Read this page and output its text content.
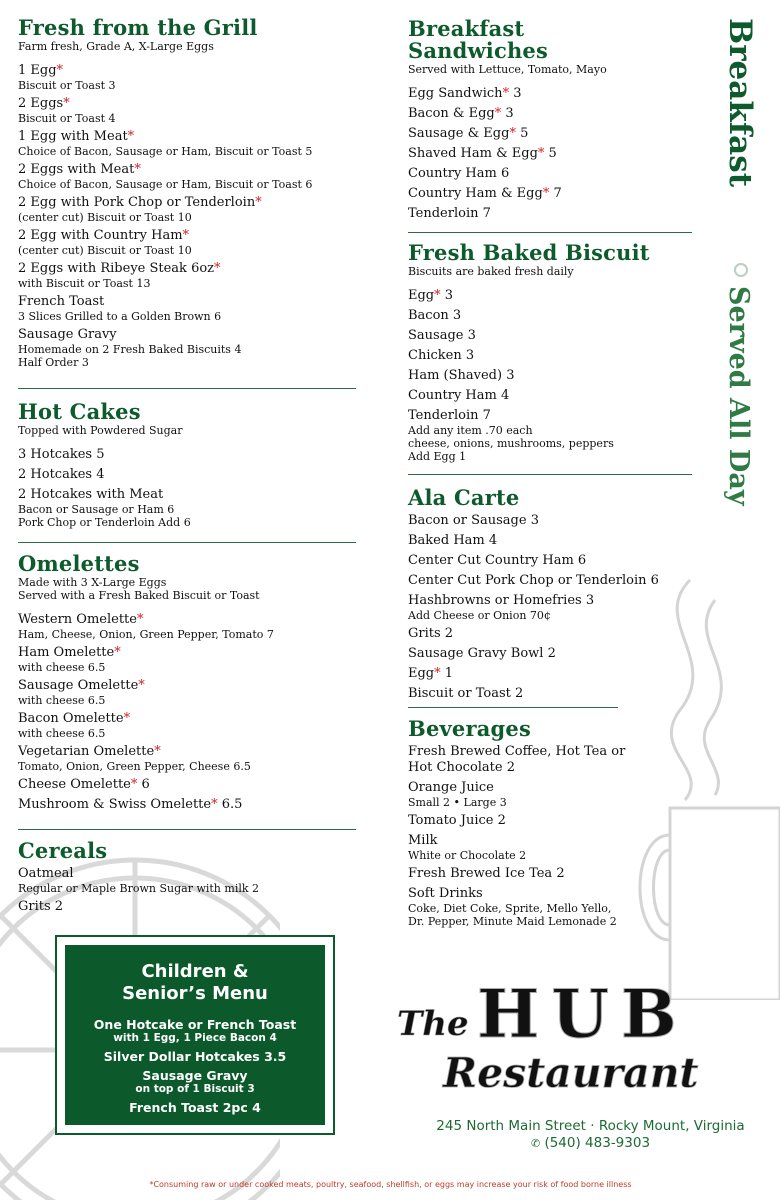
Fresh from the Grill
Farm fresh, Grade A, X-Large Eggs
1 Egg*
Biscuit or Toast 3
2 Eggs*
Biscuit or Toast 4
1 Egg with Meat*
Choice of Bacon, Sausage or Ham, Biscuit or Toast 5
2 Eggs with Meat*
Choice of Bacon, Sausage or Ham, Biscuit or Toast 6
2 Egg with Pork Chop or Tenderloin*
(center cut) Biscuit or Toast 10
2 Egg with Country Ham*
(center cut) Biscuit or Toast 10
2 Eggs with Ribeye Steak 6oz*
with Biscuit or Toast 13
French Toast
3 Slices Grilled to a Golden Brown 6
Sausage Gravy
Homemade on 2 Fresh Baked Biscuits 4
Half Order 3
Hot Cakes
Topped with Powdered Sugar
3 Hotcakes 5
2 Hotcakes 4
2 Hotcakes with Meat
Bacon or Sausage or Ham 6
Pork Chop or Tenderloin Add 6
Omelettes
Made with 3 X-Large Eggs
Served with a Fresh Baked Biscuit or Toast
Western Omelette*
Ham, Cheese, Onion, Green Pepper, Tomato 7
Ham Omelette*
with cheese 6.5
Sausage Omelette*
with cheese 6.5
Bacon Omelette*
with cheese 6.5
Vegetarian Omelette*
Tomato, Onion, Green Pepper, Cheese 6.5
Cheese Omelette* 6
Mushroom & Swiss Omelette* 6.5
Cereals
Oatmeal
Regular or Maple Brown Sugar with milk 2
Grits 2
Breakfast
Sandwiches
Served with Lettuce, Tomato, Mayo
Egg Sandwich* 3
Bacon & Egg* 3
Sausage & Egg* 5
Shaved Ham & Egg* 5
Country Ham 6
Country Ham & Egg* 7
Tenderloin 7
Fresh Baked Biscuit
Biscuits are baked fresh daily
Egg* 3
Bacon 3
Sausage 3
Chicken 3
Ham (Shaved) 3
Country Ham 4
Tenderloin 7
Add any item .70 each
cheese, onions, mushrooms, peppers
Add Egg 1
Ala Carte
Bacon or Sausage 3
Baked Ham 4
Center Cut Country Ham 6
Center Cut Pork Chop or Tenderloin 6
Hashbrowns or Homefries 3
Add Cheese or Onion 70¢
Grits 2
Sausage Gravy Bowl 2
Egg* 1
Biscuit or Toast 2
Beverages
Fresh Brewed Coffee, Hot Tea or
Hot Chocolate 2
Orange Juice
Small 2 • Large 3
Tomato Juice 2
Milk
White or Chocolate 2
Fresh Brewed Ice Tea 2
Soft Drinks
Coke, Diet Coke, Sprite, Mello Yello,
Dr. Pepper, Minute Maid Lemonade 2
Breakfast
Served All Day
Children &
Senior’s Menu
One Hotcake or French Toast
with 1 Egg, 1 Piece Bacon 4
Silver Dollar Hotcakes 3.5
Sausage Gravy
on top of 1 Biscuit 3
French Toast 2pc 4
The HUB
Restaurant
245 North Main Street · Rocky Mount, Virginia
✆ (540) 483-9303
*Consuming raw or under cooked meats, poultry, seafood, shellfish, or eggs may increase your risk of food borne illness
